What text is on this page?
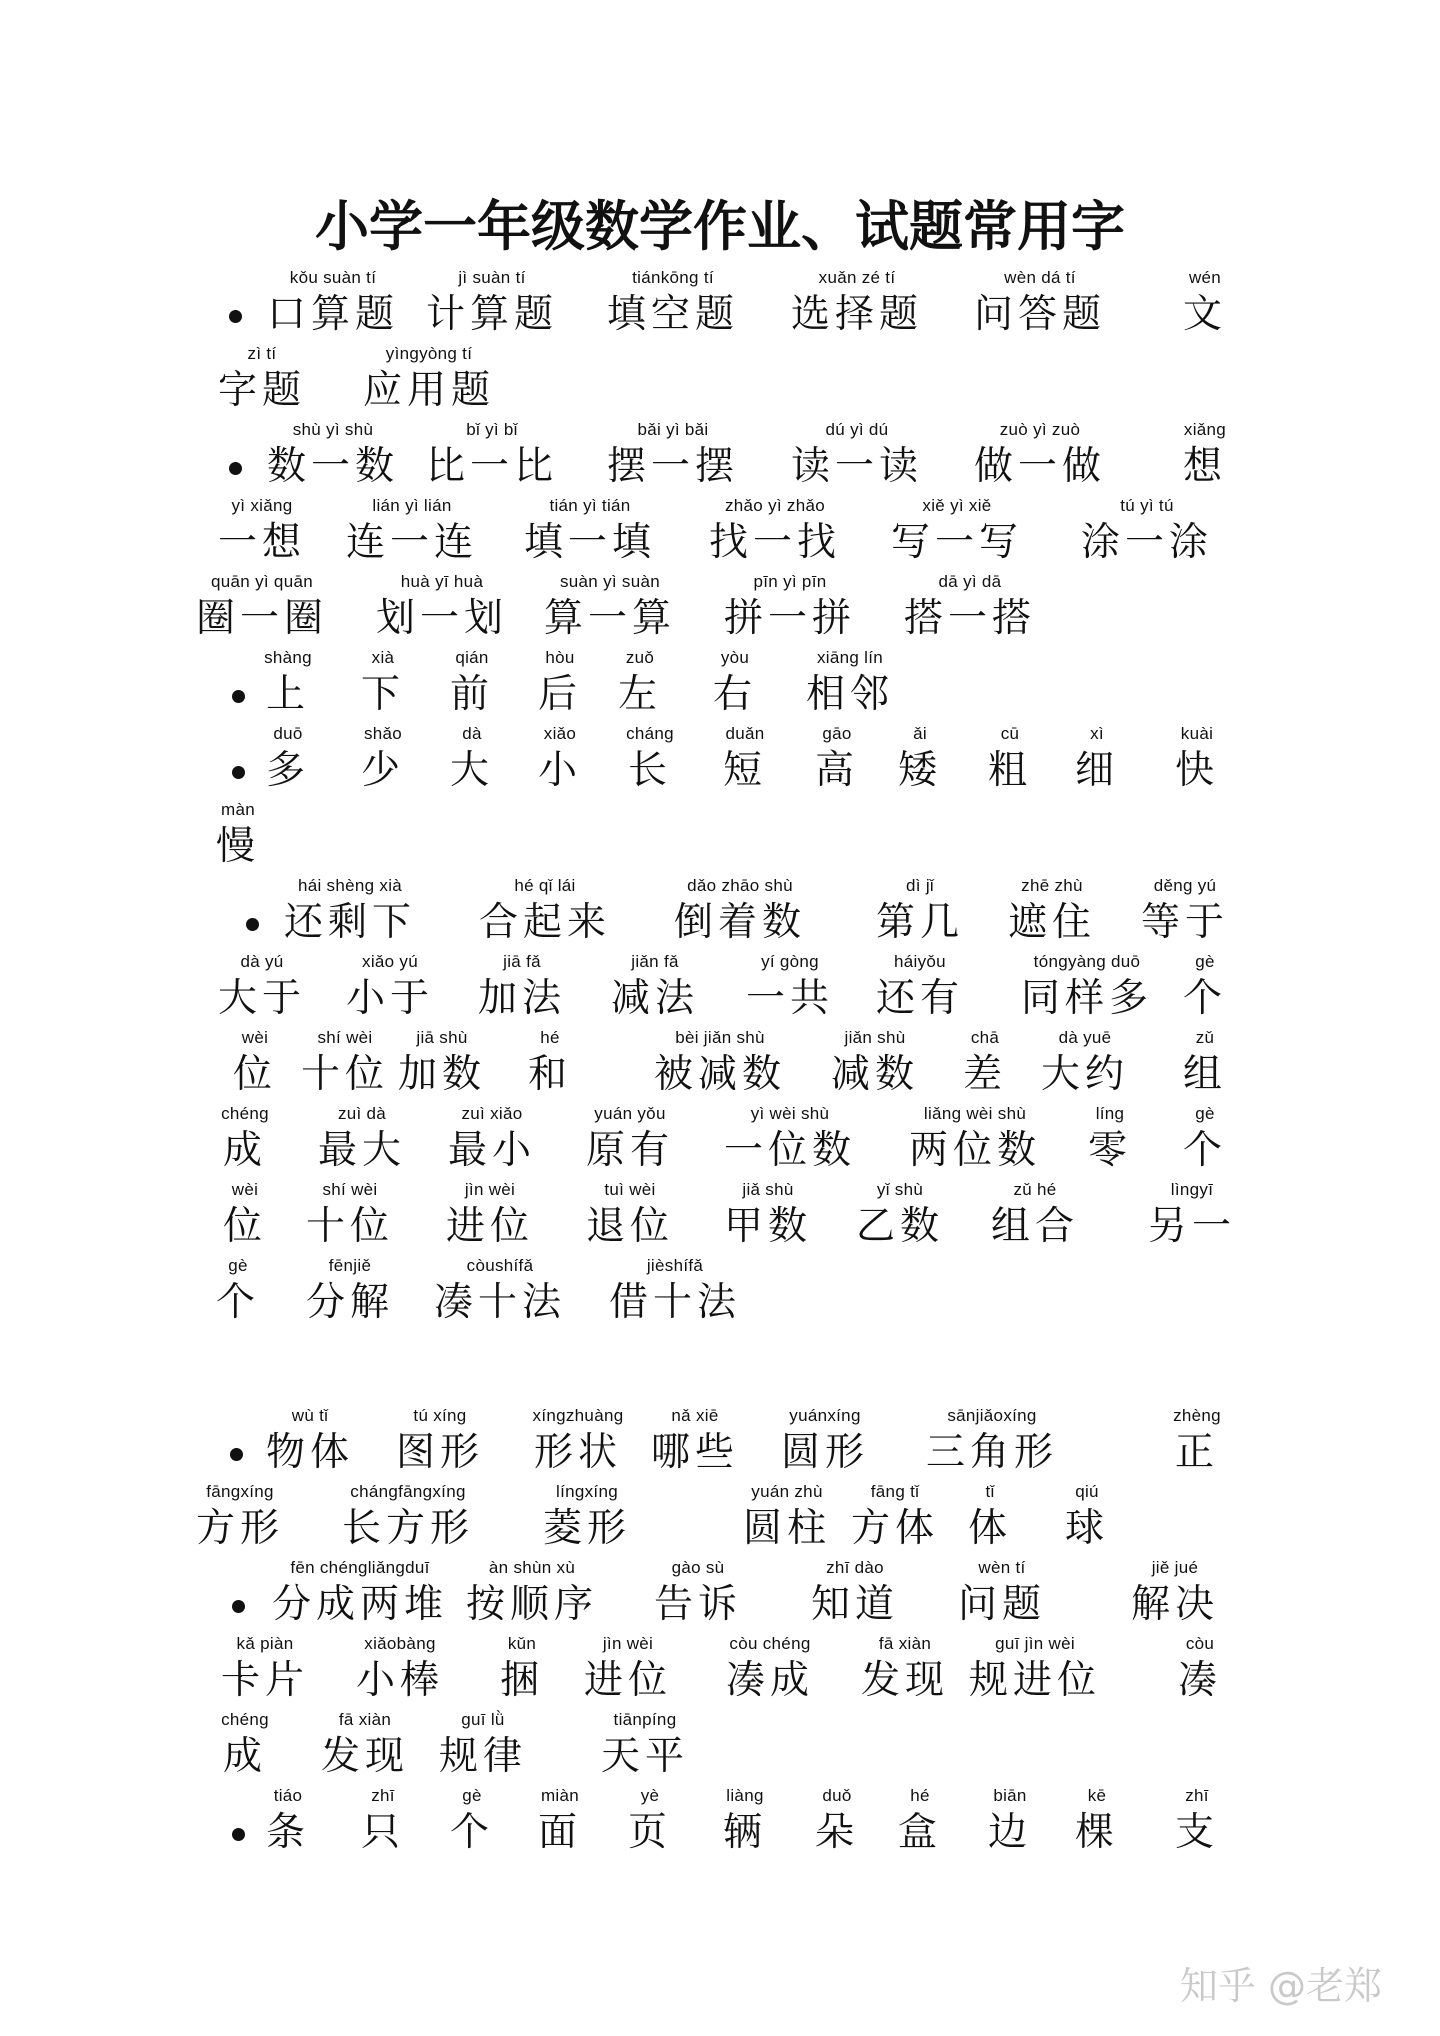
小学一年级数学作业、试题常用字
kǒu suàn tí
口算题
jì suàn tí
计算题
tiánkōng tí
填空题
xuǎn zé tí
选择题
wèn dá tí
问答题
wén
文
zì tí
字题
yìngyòng tí
应用题
shù yì shù
数一数
bǐ yì bǐ
比一比
bǎi yì bǎi
摆一摆
dú yì dú
读一读
zuò yì zuò
做一做
xiǎng
想
yì xiǎng
一想
lián yì lián
连一连
tián yì tián
填一填
zhǎo yì zhǎo
找一找
xiě yì xiě
写一写
tú yì tú
涂一涂
quān yì quān
圈一圈
huà yī huà
划一划
suàn yì suàn
算一算
pīn yì pīn
拼一拼
dā yì dā
搭一搭
shàng
上
xià
下
qián
前
hòu
后
zuǒ
左
yòu
右
xiāng lín
相邻
duō
多
shǎo
少
dà
大
xiǎo
小
cháng
长
duǎn
短
gāo
高
ǎi
矮
cū
粗
xì
细
kuài
快
màn
慢
hái shèng xià
还剩下
hé qǐ lái
合起来
dǎo zhāo shù
倒着数
dì jǐ
第几
zhē zhù
遮住
děng yú
等于
dà yú
大于
xiǎo yú
小于
jiā fǎ
加法
jiǎn fǎ
减法
yí gòng
一共
háiyǒu
还有
tóngyàng duō
同样多
gè
个
wèi
位
shí wèi
十位
jiā shù
加数
hé
和
bèi jiǎn shù
被减数
jiǎn shù
减数
chā
差
dà yuē
大约
zǔ
组
chéng
成
zuì dà
最大
zuì xiǎo
最小
yuán yǒu
原有
yì wèi shù
一位数
liǎng wèi shù
两位数
líng
零
gè
个
wèi
位
shí wèi
十位
jìn wèi
进位
tuì wèi
退位
jiǎ shù
甲数
yǐ shù
乙数
zǔ hé
组合
lìngyī
另一
gè
个
fēnjiě
分解
còushífǎ
凑十法
jièshífǎ
借十法
wù tǐ
物体
tú xíng
图形
xíngzhuàng
形状
nǎ xiē
哪些
yuánxíng
圆形
sānjiǎoxíng
三角形
zhèng
正
fāngxíng
方形
chángfāngxíng
长方形
língxíng
菱形
yuán zhù
圆柱
fāng tǐ
方体
tǐ
体
qiú
球
fēn chéngliǎngduī
分成两堆
àn shùn xù
按顺序
gào sù
告诉
zhī dào
知道
wèn tí
问题
jiě jué
解决
kǎ piàn
卡片
xiǎobàng
小棒
kǔn
捆
jìn wèi
进位
còu chéng
凑成
fā xiàn
发现
guī jìn wèi
规进位
còu
凑
chéng
成
fā xiàn
发现
guī lǜ
规律
tiānpíng
天平
tiáo
条
zhī
只
gè
个
miàn
面
yè
页
liàng
辆
duǒ
朵
hé
盒
biān
边
kē
棵
zhī
支
知乎 @老郑
